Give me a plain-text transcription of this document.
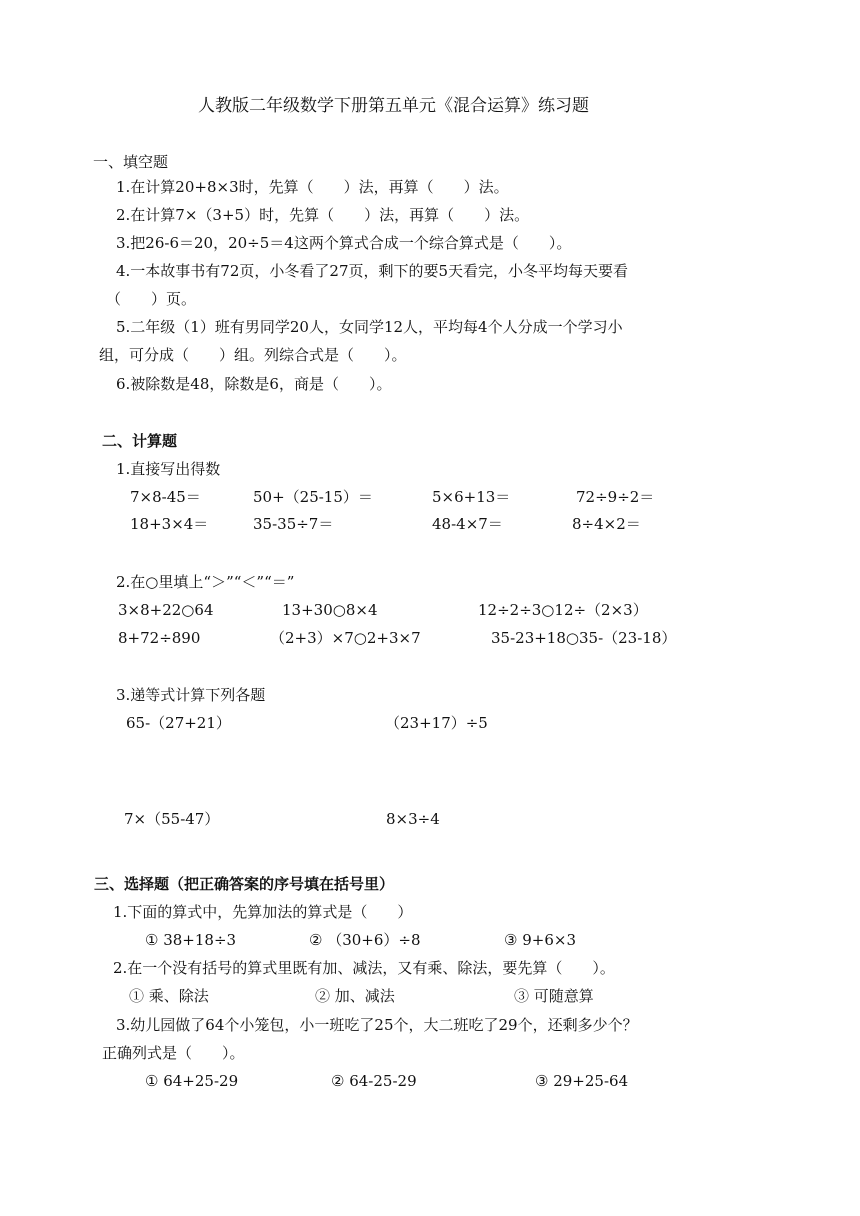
人教版二年级数学下册第五单元《混合运算》练习题
一、填空题
1.在计算20+8×3时，先算（　　）法，再算（　　）法。
2.在计算7×（3+5）时，先算（　　）法，再算（　　）法。
3.把26-6＝20，20÷5＝4这两个算式合成一个综合算式是（　　）。
4.一本故事书有72页，小冬看了27页，剩下的要5天看完，小冬平均每天要看
（　　）页。
5.二年级（1）班有男同学20人，女同学12人，平均每4个人分成一个学习小
组，可分成（　　）组。列综合式是（　　）。
6.被除数是48，除数是6，商是（　　）。
二、计算题
1.直接写出得数
7×8-45＝	50+（25-15）＝	5×6+13＝	72÷9÷2＝
18+3×4＝	35-35÷7＝	48-4×7＝	8÷4×2＝
2.在○里填上“＞”“＜”“＝”
3×8+22○64	13+30○8×4	12÷2÷3○12÷（2×3）
8+72÷890	（2+3）×7○2+3×7	35-23+18○35-（23-18）
3.递等式计算下列各题
65-（27+21）	（23+17）÷5
7×（55-47）	8×3÷4
三、选择题（把正确答案的序号填在括号里）
1.下面的算式中，先算加法的算式是（　　）
① 38+18÷3	② （30+6）÷8	③ 9+6×3
2.在一个没有括号的算式里既有加、减法，又有乘、除法，要先算（　　）。
① 乘、除法	② 加、减法	③ 可随意算
3.幼儿园做了64个小笼包，小一班吃了25个，大二班吃了29个，还剩多少个？
正确列式是（　　）。
① 64+25-29	② 64-25-29	③ 29+25-64
